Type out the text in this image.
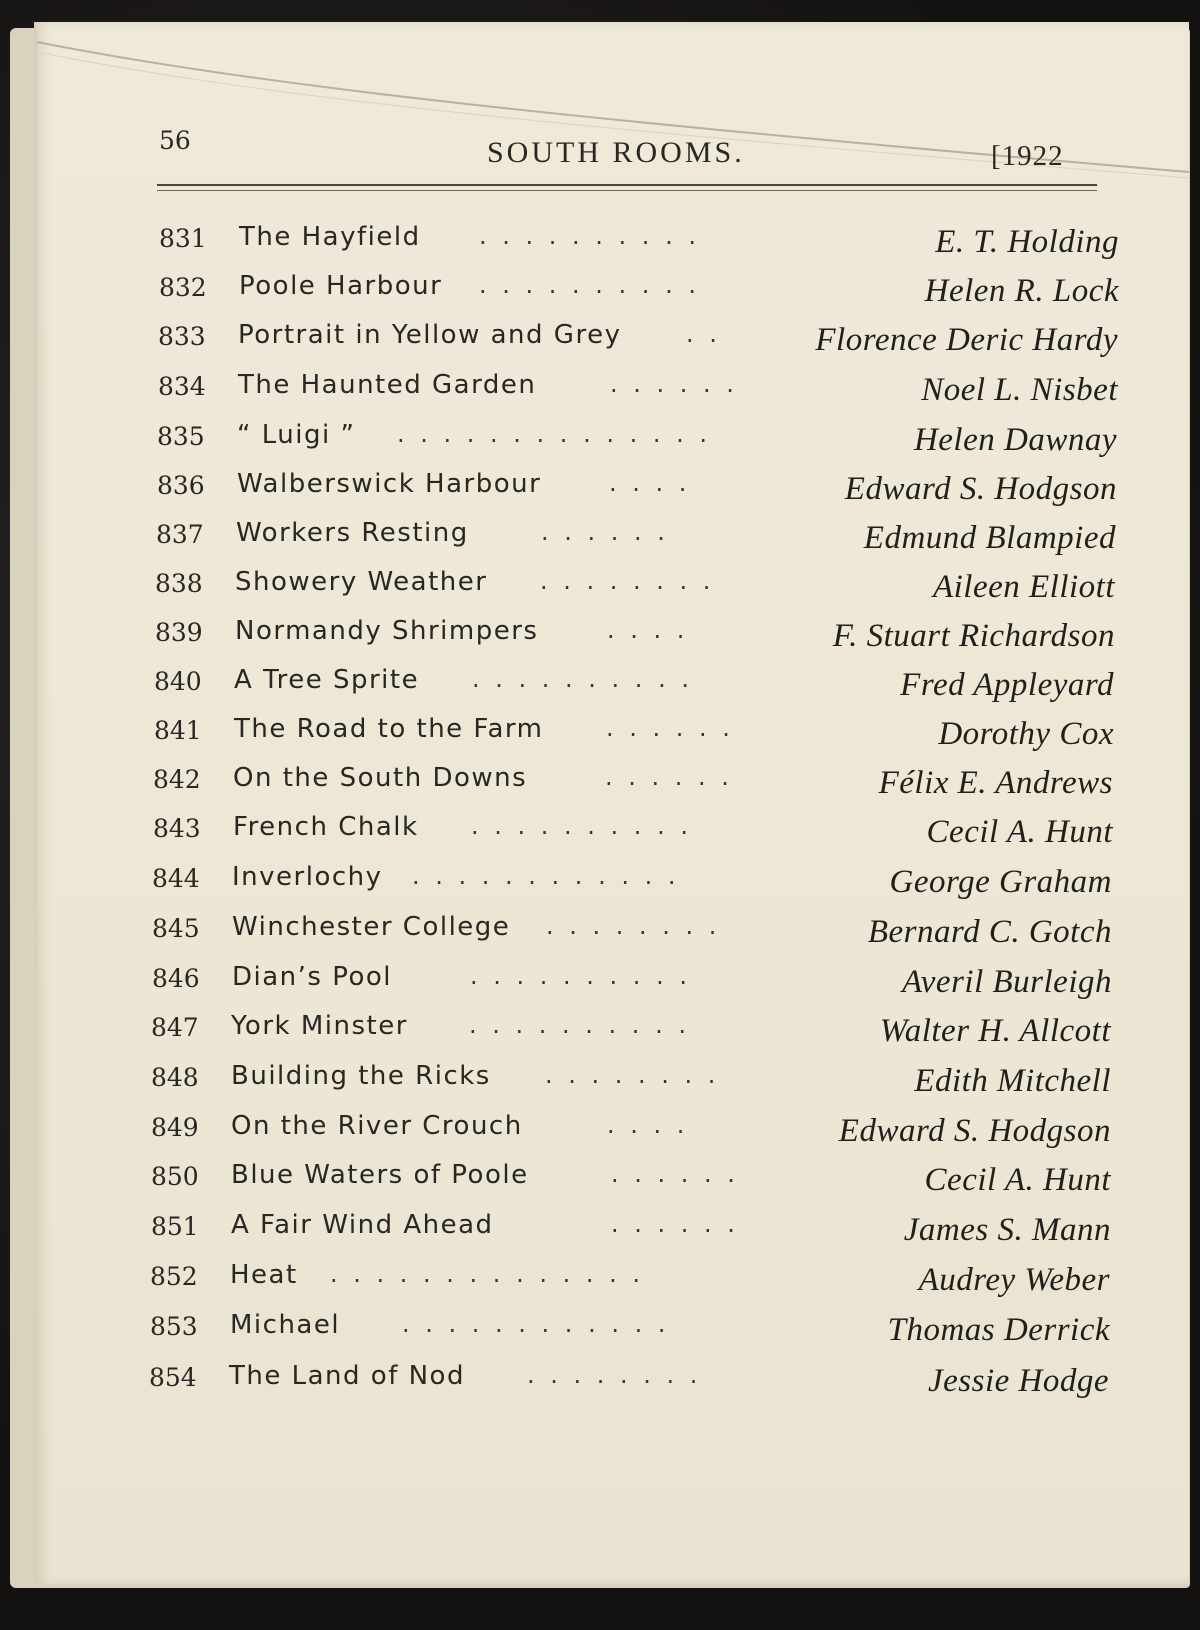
56	SOUTH ROOMS.	[1922
831 The Hayfield . . . . . . . . . .	E. T. Holding
832 Poole Harbour . . . . . . . . . .	Helen R. Lock
833 Portrait in Yellow and Grey	. .	Florence Deric Hardy
834 The Haunted Garden	. . . . . .	Noel L. Nisbet
835 “ Luigi ” . . . . . . . . . . . . . .	Helen Dawnay
836 Walberswick Harbour	. . . .	Edward S. Hodgson
837 Workers Resting	. . . . . .	Edmund Blampied
838 Showery Weather . . . . . . . .	Aileen Elliott
839 Normandy Shrimpers	. . . .	F. Stuart Richardson
840 A Tree Sprite . . . . . . . . . .	Fred Appleyard
841 The Road to the Farm	. . . . . .	Dorothy Cox
842 On the South Downs	. . . . . .	Félix E. Andrews
843 French Chalk . . . . . . . . . .	Cecil A. Hunt
844 Inverlochy . . . . . . . . . . . .	George Graham
845 Winchester College . . . . . . . .	Bernard C. Gotch
846 Dian’s Pool	. . . . . . . . . .	Averil Burleigh
847 York Minster	. . . . . . . . . .	Walter H. Allcott
848 Building the Ricks . . . . . . . .	Edith Mitchell
849 On the River Crouch	. . . .	Edward S. Hodgson
850 Blue Waters of Poole	. . . . . .	Cecil A. Hunt
851 A Fair Wind Ahead	. . . . . .	James S. Mann
852 Heat . . . . . . . . . . . . . .	Audrey Weber
853 Michael	. . . . . . . . . . . .	Thomas Derrick
854 The Land of Nod	. . . . . . . .	Jessie Hodge
